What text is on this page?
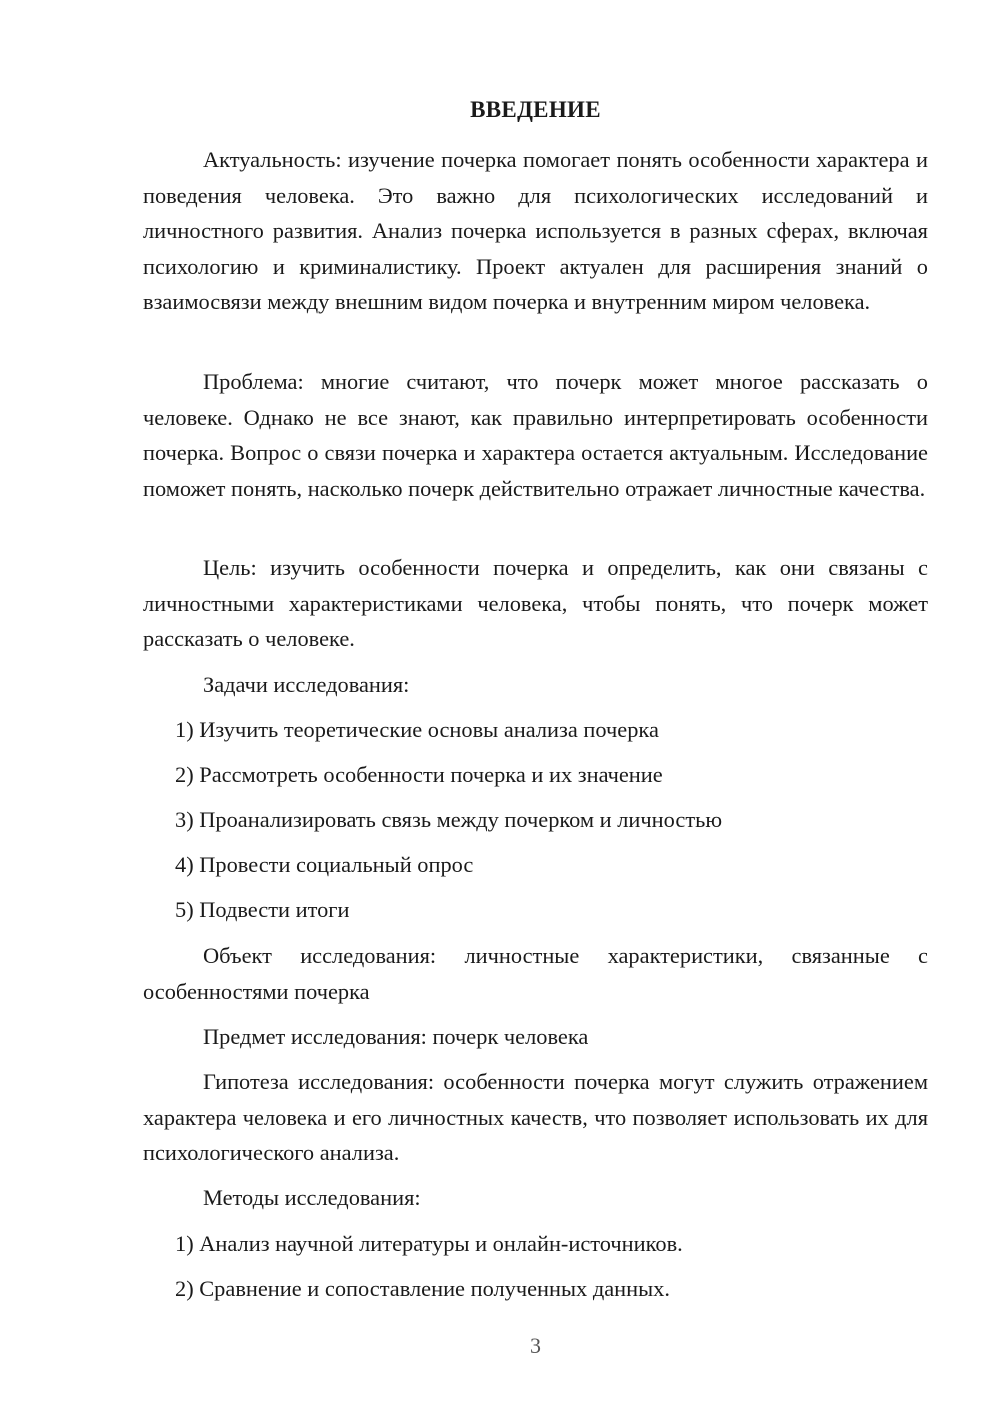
ВВЕДЕНИЕ

Актуальность: изучение почерка помогает понять особенности характера и поведения человека. Это важно для психологических исследований и личностного развития. Анализ почерка используется в разных сферах, включая психологию и криминалистику. Проект актуален для расширения знаний о взаимосвязи между внешним видом почерка и внутренним миром человека.

Проблема: многие считают, что почерк может многое рассказать о человеке. Однако не все знают, как правильно интерпретировать особенности почерка. Вопрос о связи почерка и характера остается актуальным. Исследование поможет понять, насколько почерк действительно отражает личностные качества.

Цель: изучить особенности почерка и определить, как они связаны с личностными характеристиками человека, чтобы понять, что почерк может рассказать о человеке.

Задачи исследования:

1) Изучить теоретические основы анализа почерка

2) Рассмотреть особенности почерка и их значение

3) Проанализировать связь между почерком и личностью

4) Провести социальный опрос

5) Подвести итоги

Объект исследования: личностные характеристики, связанные с особенностями почерка

Предмет исследования: почерк человека

Гипотеза исследования: особенности почерка могут служить отражением характера человека и его личностных качеств, что позволяет использовать их для психологического анализа.

Методы исследования:

1) Анализ научной литературы и онлайн-источников.

2) Сравнение и сопоставление полученных данных.

3
